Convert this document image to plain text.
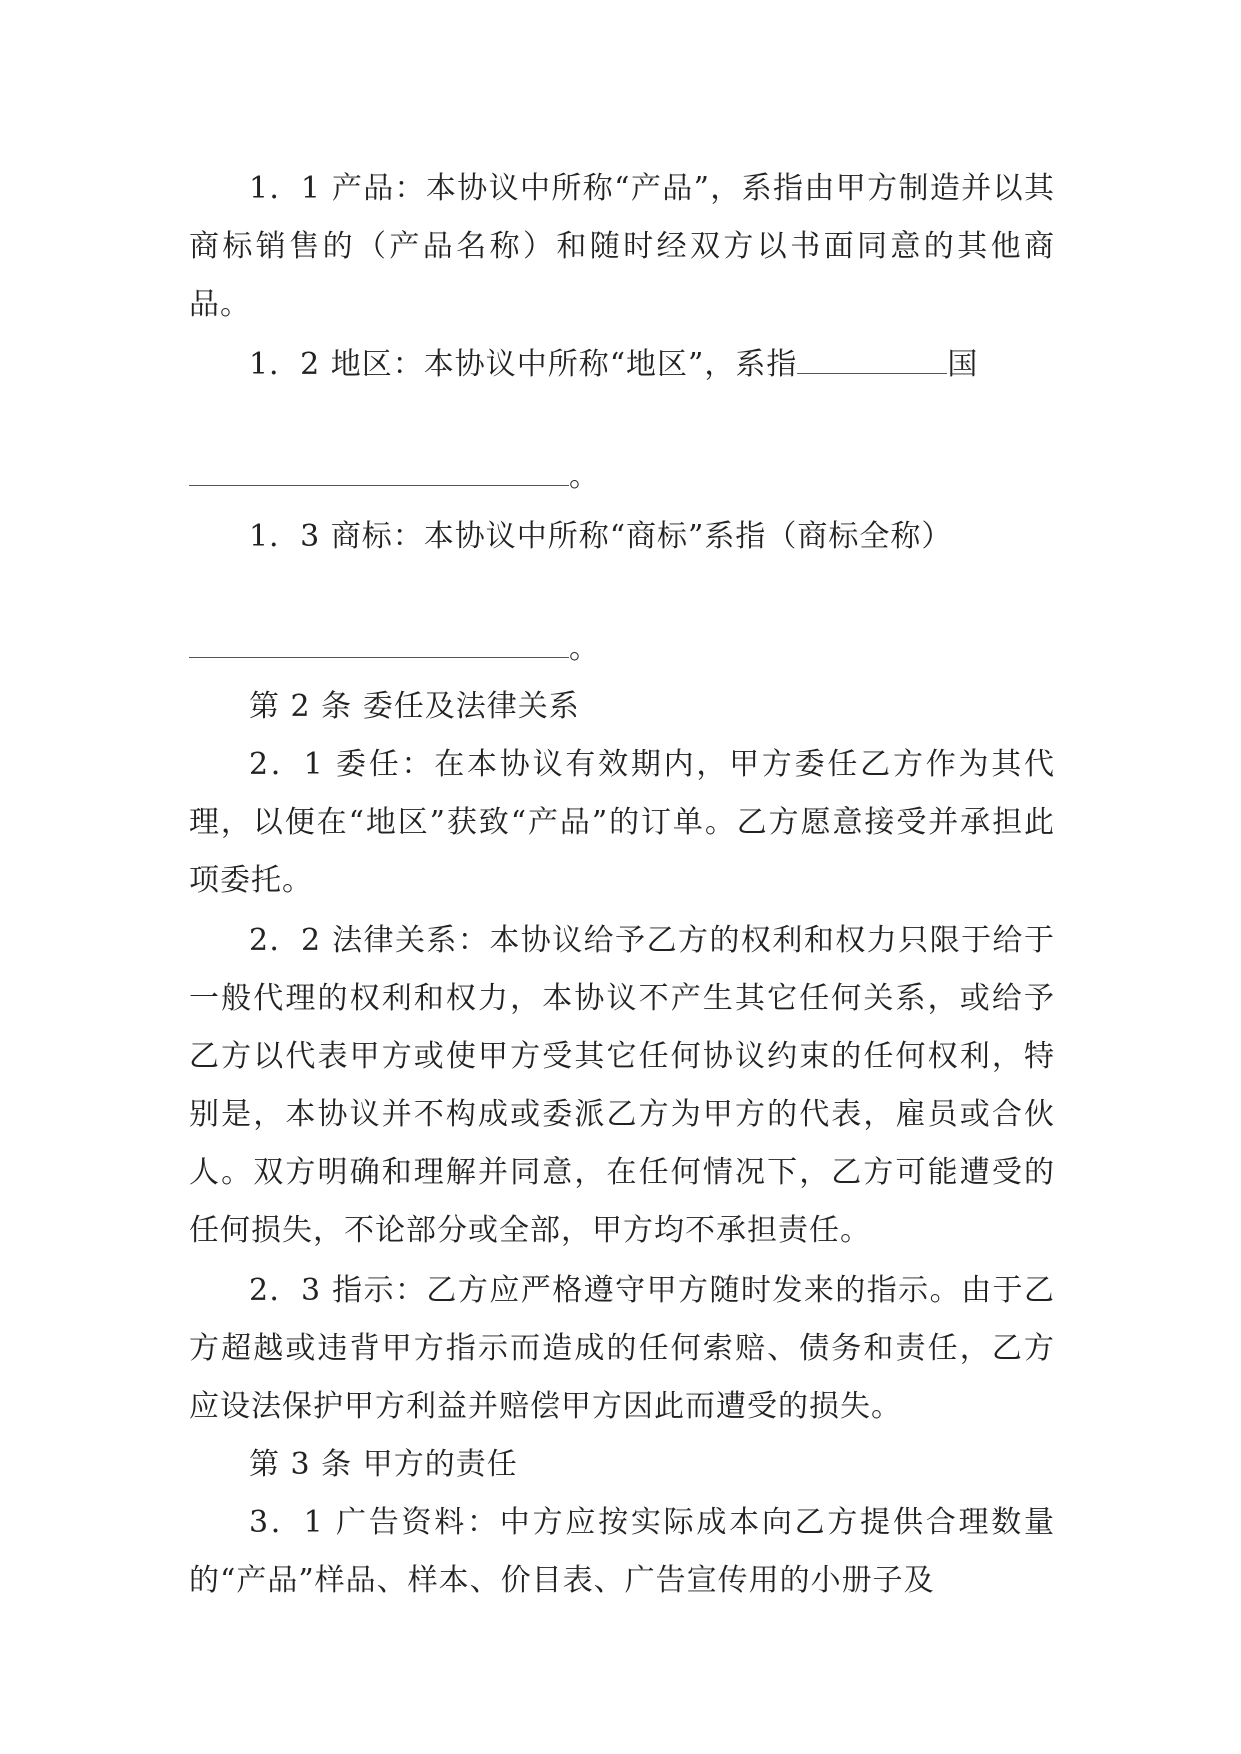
1．1 产品：本协议中所称“产品”，系指由甲方制造并以其商标销售的（产品名称）和随时经双方以书面同意的其他商品。

1．2 地区：本协议中所称“地区”，系指	国

。

1．3 商标：本协议中所称“商标”系指（商标全称）

。

第 2 条 委任及法律关系

2．1 委任：在本协议有效期内，甲方委任乙方作为其代理，以便在“地区”获致“产品”的订单。乙方愿意接受并承担此项委托。

2．2 法律关系：本协议给予乙方的权利和权力只限于给于一般代理的权利和权力，本协议不产生其它任何关系，或给予乙方以代表甲方或使甲方受其它任何协议约束的任何权利，特别是，本协议并不构成或委派乙方为甲方的代表，雇员或合伙人。双方明确和理解并同意，在任何情况下，乙方可能遭受的任何损失，不论部分或全部，甲方均不承担责任。

2．3 指示：乙方应严格遵守甲方随时发来的指示。由于乙方超越或违背甲方指示而造成的任何索赔、债务和责任，乙方应设法保护甲方利益并赔偿甲方因此而遭受的损失。

第 3 条 甲方的责任

3．1 广告资料：中方应按实际成本向乙方提供合理数量的“产品”样品、样本、价目表、广告宣传用的小册子及
